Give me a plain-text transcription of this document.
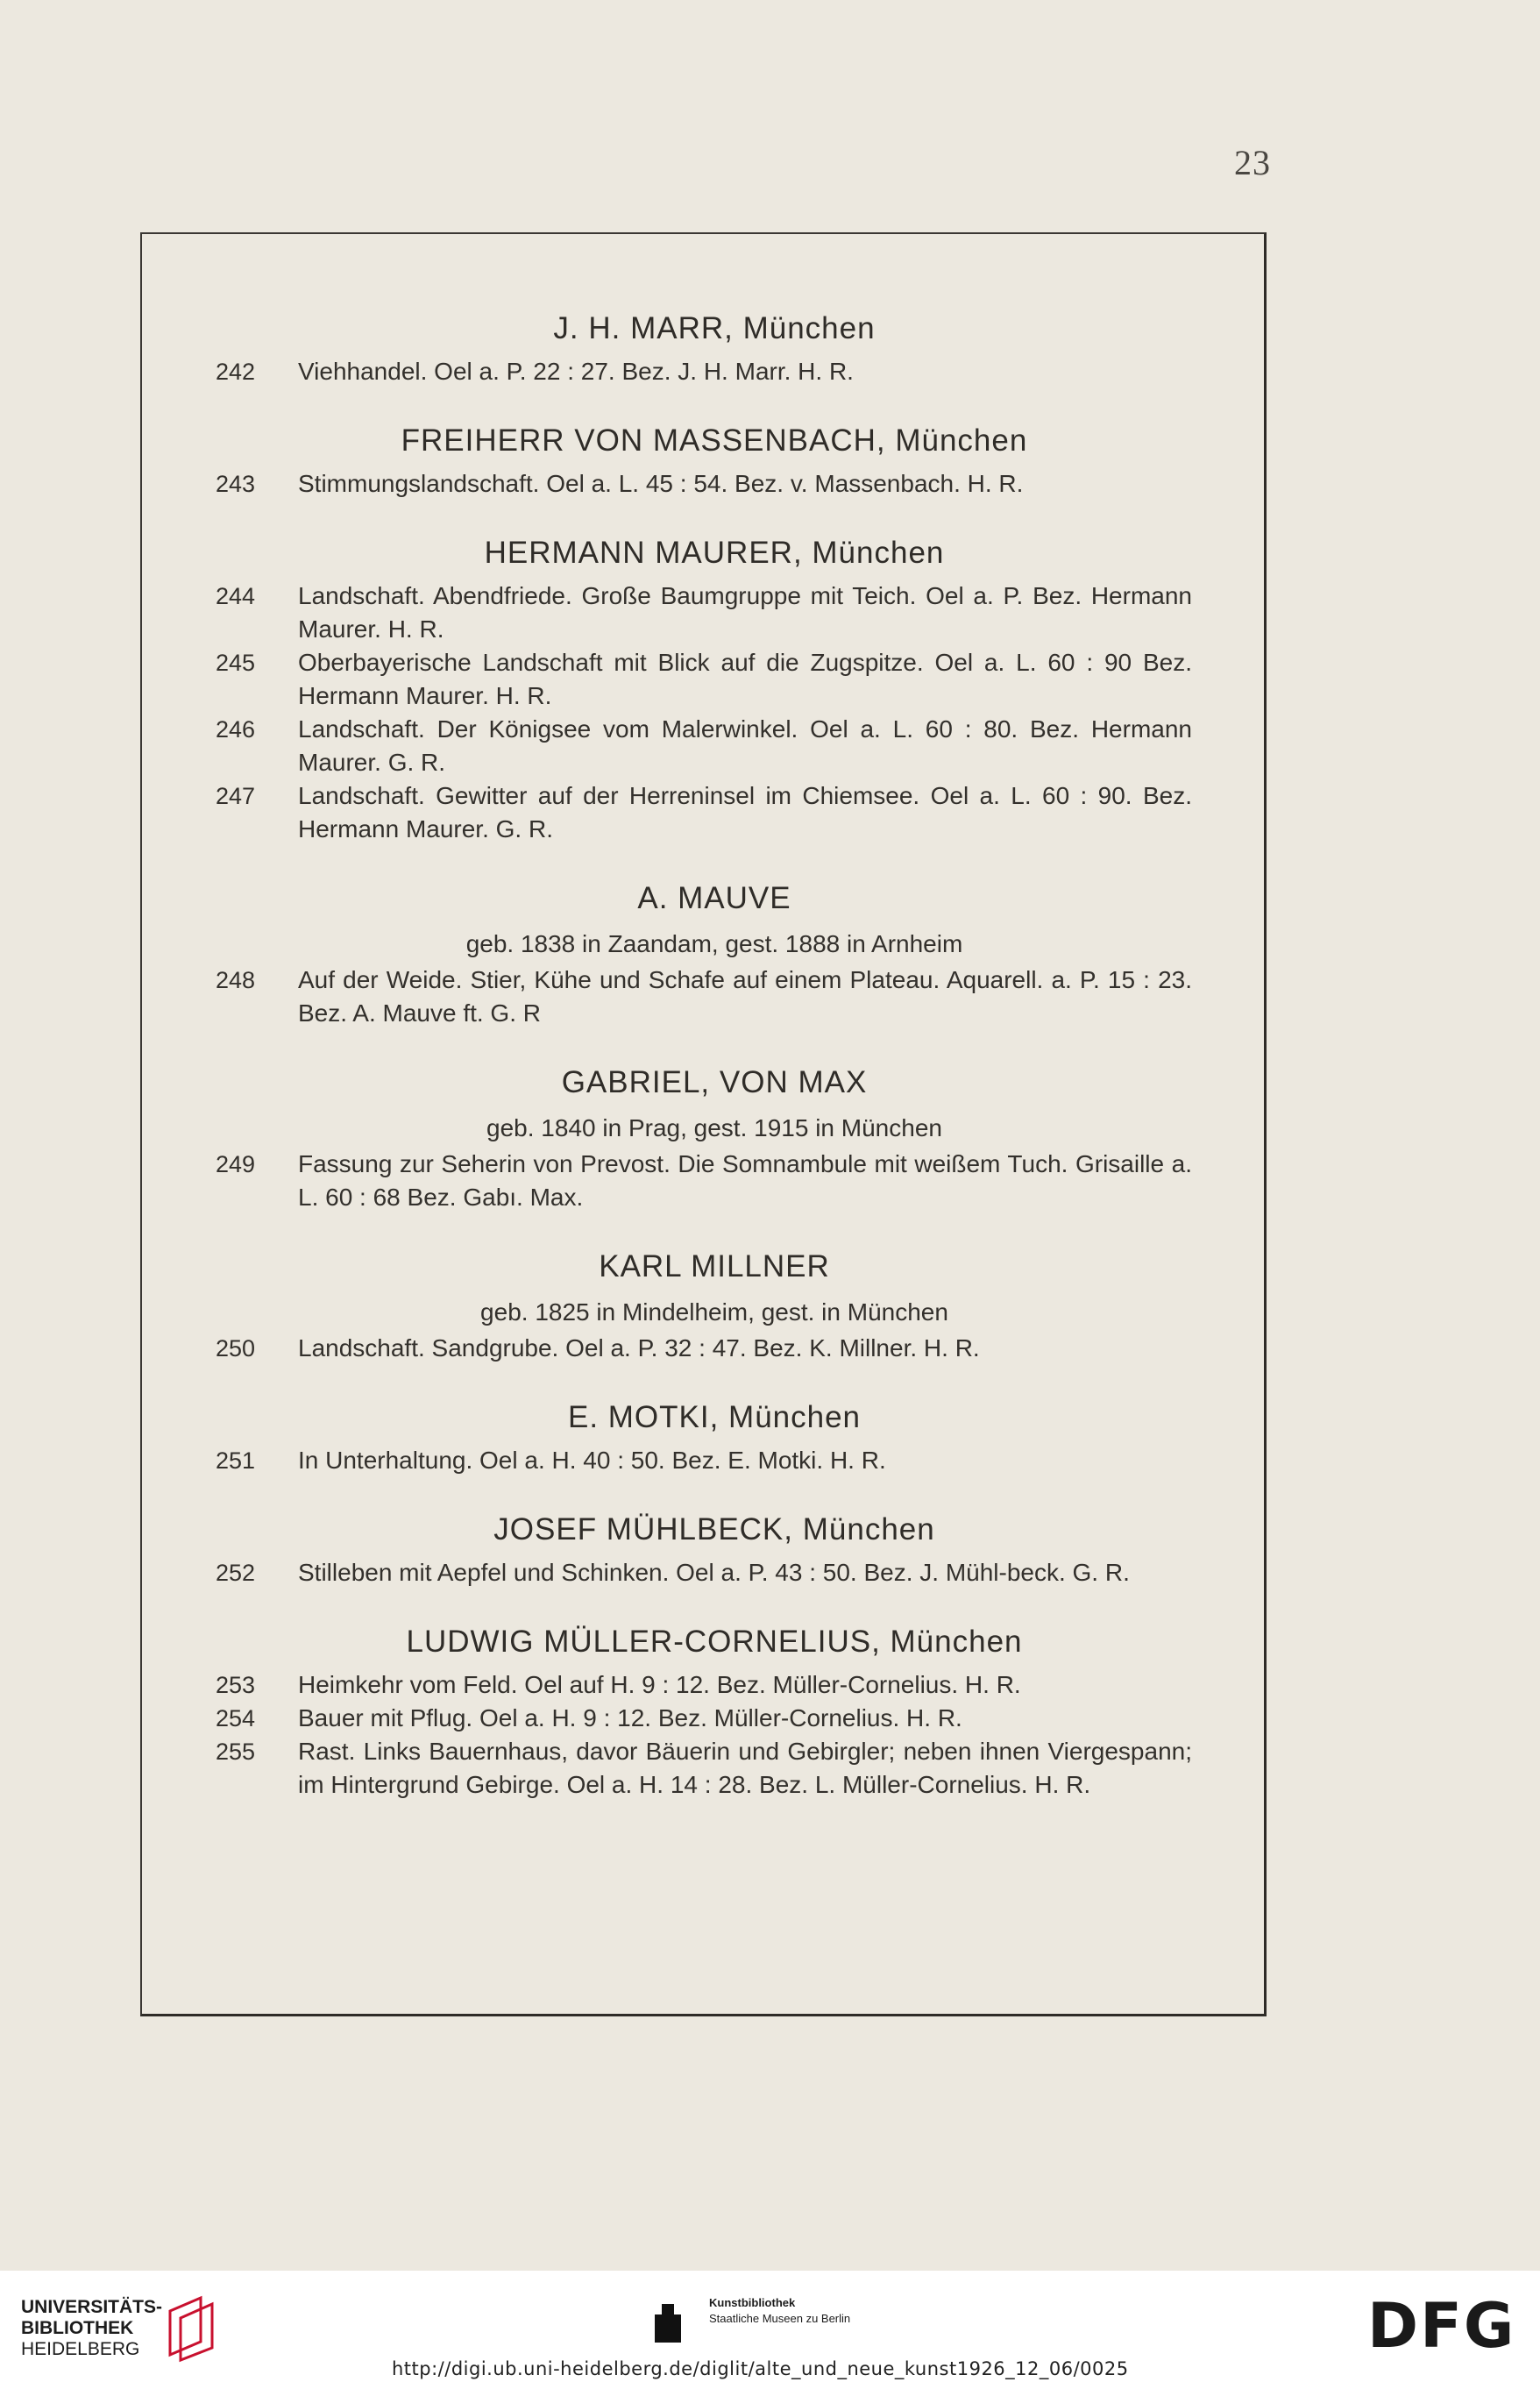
23
J. H. MARR, München
242	Viehhandel. Oel a. P. 22 : 27. Bez. J. H. Marr. H. R.
FREIHERR VON MASSENBACH, München
243	Stimmungslandschaft. Oel a. L. 45 : 54. Bez. v. Massenbach. H. R.
HERMANN MAURER, München
244	Landschaft. Abendfriede. Große Baumgruppe mit Teich. Oel a. P. Bez. Hermann Maurer. H. R.
245	Oberbayerische Landschaft mit Blick auf die Zugspitze. Oel a. L. 60 : 90 Bez. Hermann Maurer. H. R.
246	Landschaft. Der Königsee vom Malerwinkel. Oel a. L. 60 : 80. Bez. Hermann Maurer. G. R.
247	Landschaft. Gewitter auf der Herreninsel im Chiemsee. Oel a. L. 60 : 90. Bez. Hermann Maurer. G. R.
A. MAUVE
geb. 1838 in Zaandam, gest. 1888 in Arnheim
248	Auf der Weide. Stier, Kühe und Schafe auf einem Plateau. Aquarell. a. P. 15 : 23. Bez. A. Mauve ft. G. R
GABRIEL, VON MAX
geb. 1840 in Prag, gest. 1915 in München
249	Fassung zur Seherin von Prevost. Die Somnambule mit weißem Tuch. Grisaille a. L. 60 : 68 Bez. Gabı. Max.
KARL MILLNER
geb. 1825 in Mindelheim, gest. in München
250	Landschaft. Sandgrube. Oel a. P. 32 : 47. Bez. K. Millner. H. R.
E. MOTKI, München
251	In Unterhaltung. Oel a. H. 40 : 50. Bez. E. Motki. H. R.
JOSEF MÜHLBECK, München
252	Stilleben mit Aepfel und Schinken. Oel a. P. 43 : 50. Bez. J. Mühl-beck. G. R.
LUDWIG MÜLLER-CORNELIUS, München
253	Heimkehr vom Feld. Oel auf H. 9 : 12. Bez. Müller-Cornelius. H. R.
254	Bauer mit Pflug. Oel a. H. 9 : 12. Bez. Müller-Cornelius. H. R.
255	Rast. Links Bauernhaus, davor Bäuerin und Gebirgler; neben ihnen Viergespann; im Hintergrund Gebirge. Oel a. H. 14 : 28. Bez. L. Müller-Cornelius. H. R.
UNIVERSITÄTS-
BIBLIOTHEK
HEIDELBERG
Kunstbibliothek
Staatliche Museen zu Berlin	DFG
http://digi.ub.uni-heidelberg.de/diglit/alte_und_neue_kunst1926_12_06/0025
